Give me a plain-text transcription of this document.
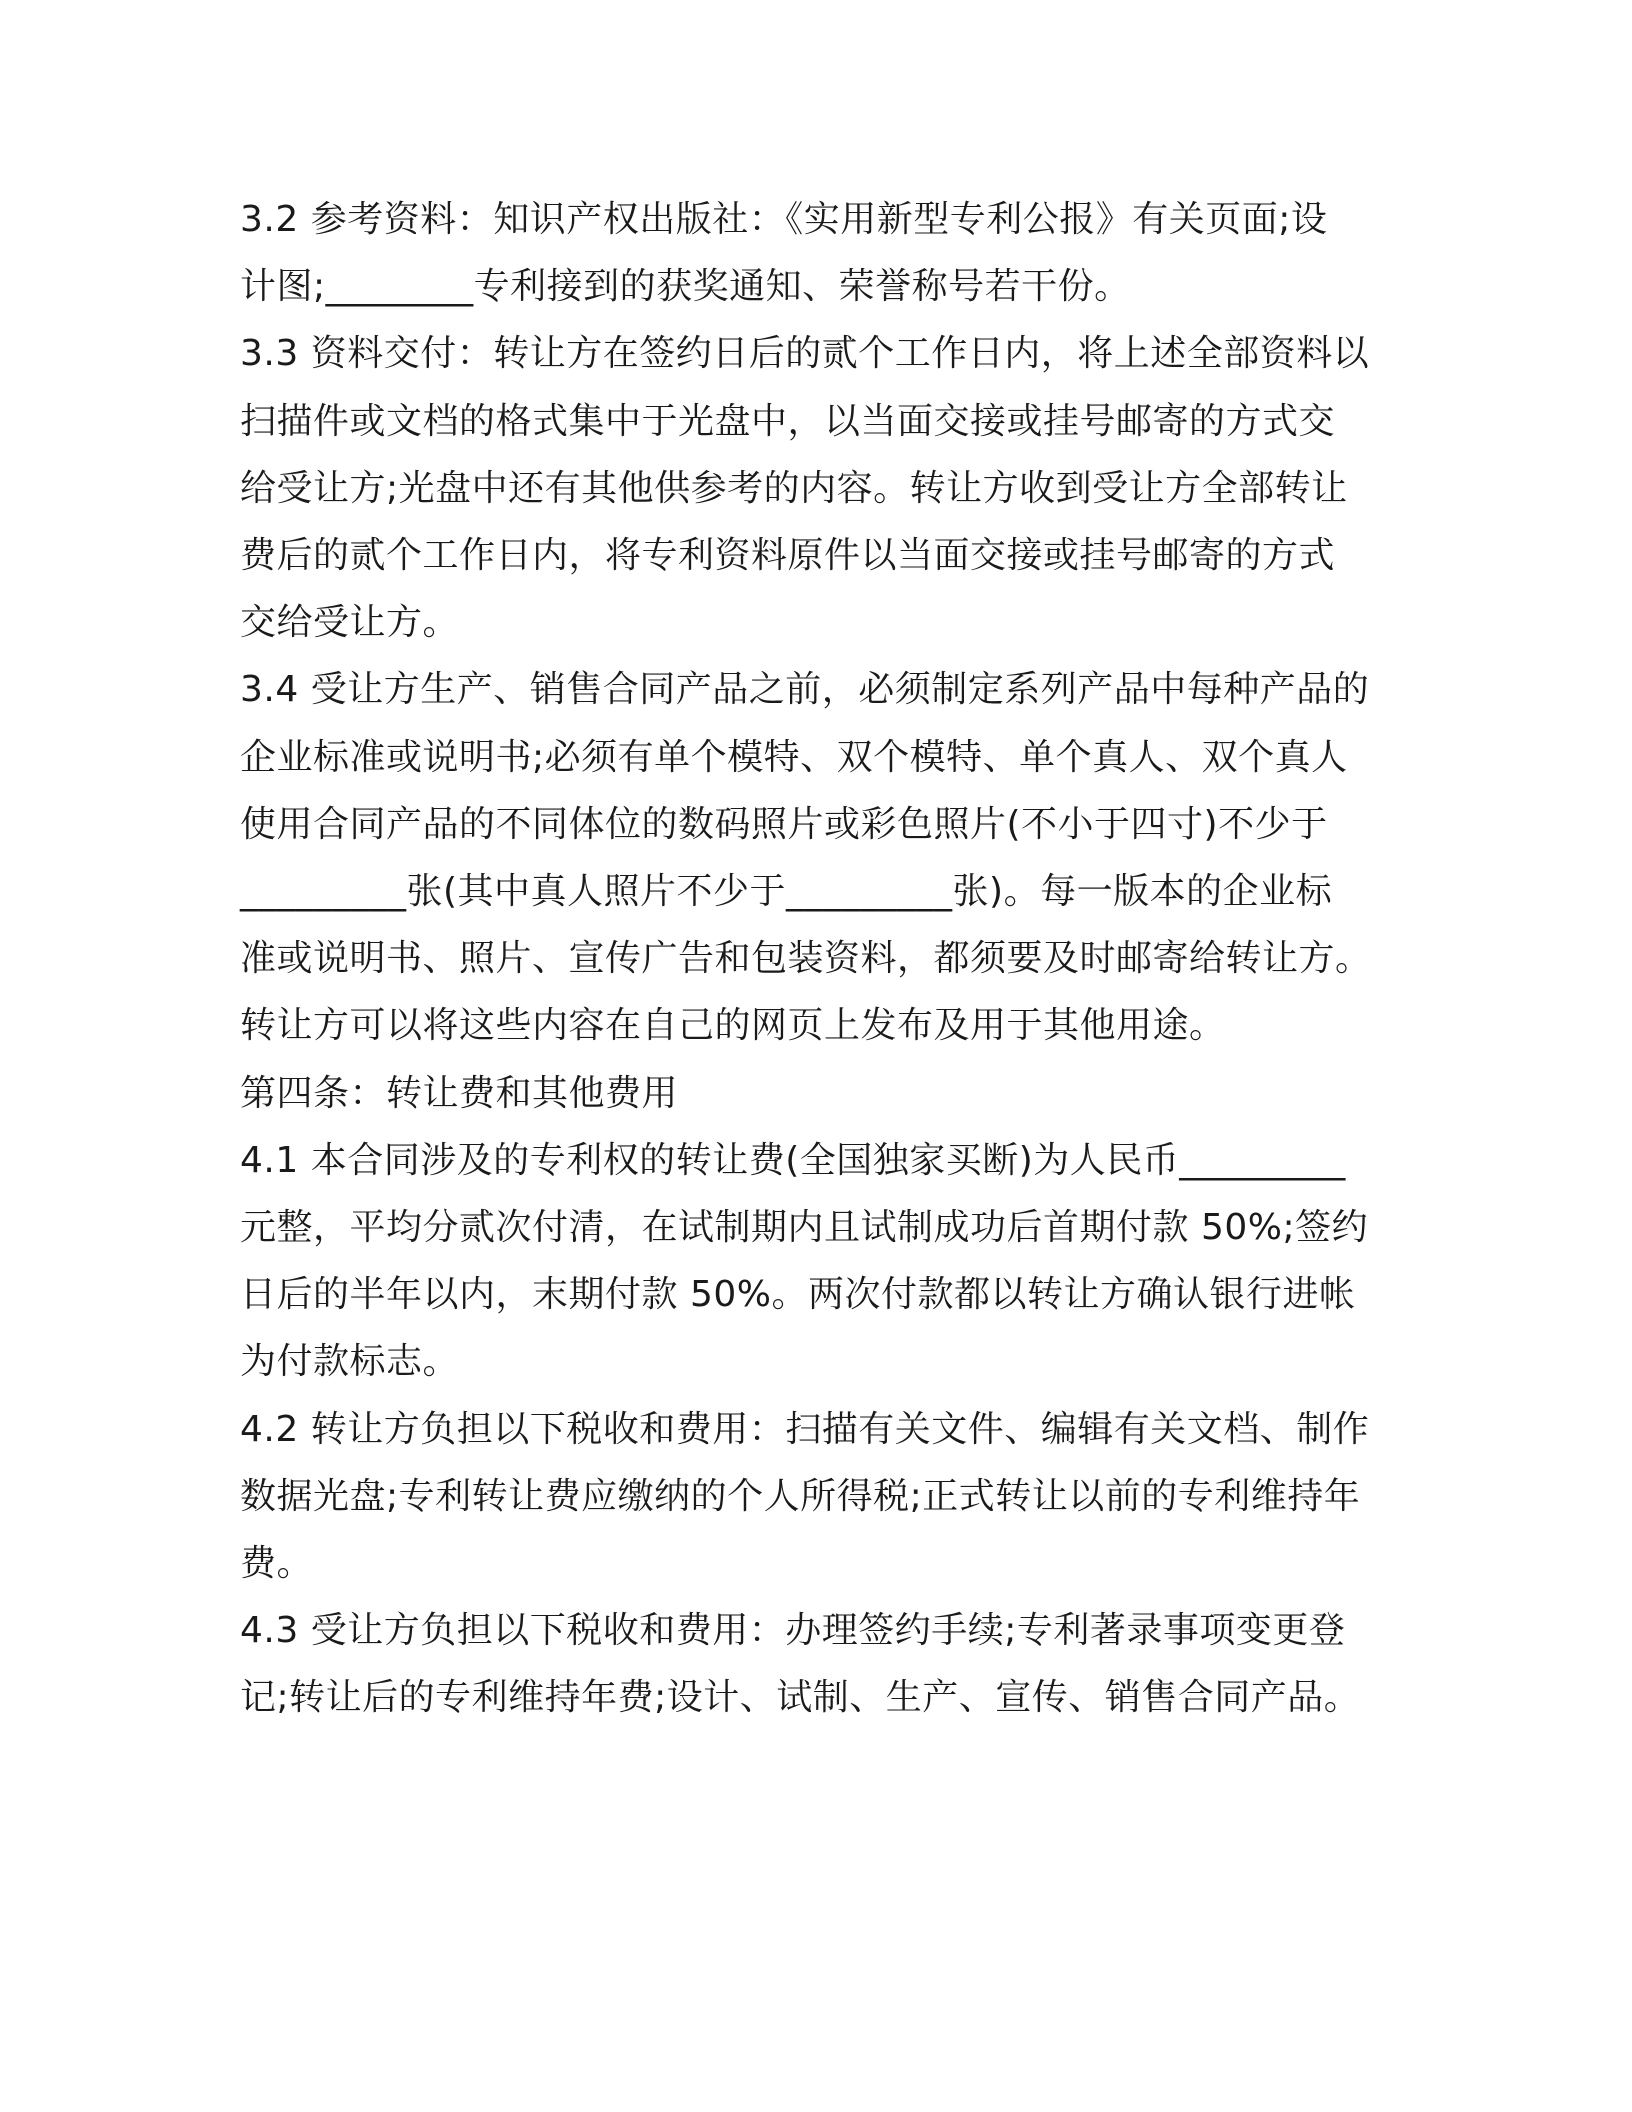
3.2 参考资料：知识产权出版社：《实用新型专利公报》有关页面;设
计图;________专利接到的获奖通知、荣誉称号若干份。

3.3 资料交付：转让方在签约日后的贰个工作日内，将上述全部资料以
扫描件或文档的格式集中于光盘中，以当面交接或挂号邮寄的方式交
给受让方;光盘中还有其他供参考的内容。转让方收到受让方全部转让
费后的贰个工作日内，将专利资料原件以当面交接或挂号邮寄的方式
交给受让方。

3.4 受让方生产、销售合同产品之前，必须制定系列产品中每种产品的
企业标准或说明书;必须有单个模特、双个模特、单个真人、双个真人
使用合同产品的不同体位的数码照片或彩色照片(不小于四寸)不少于
_________张(其中真人照片不少于_________张)。每一版本的企业标
准或说明书、照片、宣传广告和包装资料，都须要及时邮寄给转让方。
转让方可以将这些内容在自己的网页上发布及用于其他用途。

第四条：转让费和其他费用

4.1 本合同涉及的专利权的转让费(全国独家买断)为人民币_________
元整，平均分贰次付清，在试制期内且试制成功后首期付款 50%;签约
日后的半年以内，末期付款 50%。两次付款都以转让方确认银行进帐
为付款标志。

4.2 转让方负担以下税收和费用：扫描有关文件、编辑有关文档、制作
数据光盘;专利转让费应缴纳的个人所得税;正式转让以前的专利维持年
费。

4.3 受让方负担以下税收和费用：办理签约手续;专利著录事项变更登
记;转让后的专利维持年费;设计、试制、生产、宣传、销售合同产品。
